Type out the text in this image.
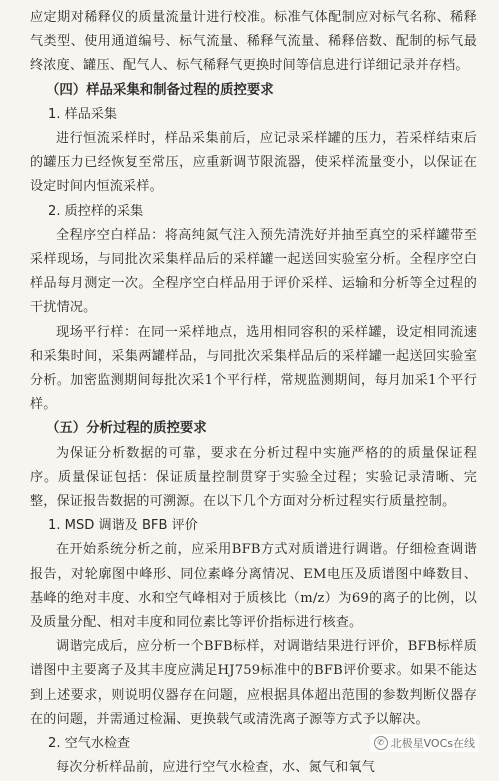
应定期对稀释仪的质量流量计进行校准。标准气体配制应对标气名称、稀释气类型、使用通道编号、标气流量、稀释气流量、稀释倍数、配制的标气最终浓度、罐压、配气人、标气稀释气更换时间等信息进行详细记录并存档。

（四）样品采集和制备过程的质控要求
1. 样品采集

进行恒流采样时，样品采集前后，应记录采样罐的压力，若采样结束后的罐压力已经恢复至常压，应重新调节限流器，使采样流量变小，以保证在设定时间内恒流采样。

2. 质控样的采集

全程序空白样品：将高纯氮气注入预先清洗好并抽至真空的采样罐带至采样现场，与同批次采集样品后的采样罐一起送回实验室分析。全程序空白样品每月测定一次。全程序空白样品用于评价采样、运输和分析等全过程的干扰情况。

现场平行样：在同一采样地点，选用相同容积的采样罐，设定相同流速和采集时间，采集两罐样品，与同批次采集样品后的采样罐一起送回实验室分析。加密监测期间每批次采1个平行样，常规监测期间，每月加采1个平行样。

（五）分析过程的质控要求

为保证分析数据的可靠，要求在分析过程中实施严格的的质量保证程序。质量保证包括：保证质量控制贯穿于实验全过程；实验记录清晰、完整，保证报告数据的可溯源。在以下几个方面对分析过程实行质量控制。

1. MSD 调谐及 BFB 评价

在开始系统分析之前，应采用BFB方式对质谱进行调谐。仔细检查调谐报告，对轮廓图中峰形、同位素峰分离情况、EM电压及质谱图中峰数目、基峰的绝对丰度、水和空气峰相对于质核比（m/z）为69的离子的比例，以及质量分配、相对丰度和同位素比等评价指标进行核查。

调谐完成后，应分析一个BFB标样，对调谐结果进行评价，BFB标样质谱图中主要离子及其丰度应满足HJ759标准中的BFB评价要求。如果不能达到上述要求，则说明仪器存在问题，应根据具体超出范围的参数判断仪器存在的问题，并需通过检漏、更换载气或清洗离子源等方式予以解决。

2. 空气水检查

每次分析样品前，应进行空气水检查，水、氮气和氧气

✆ 北极星VOCs在线
